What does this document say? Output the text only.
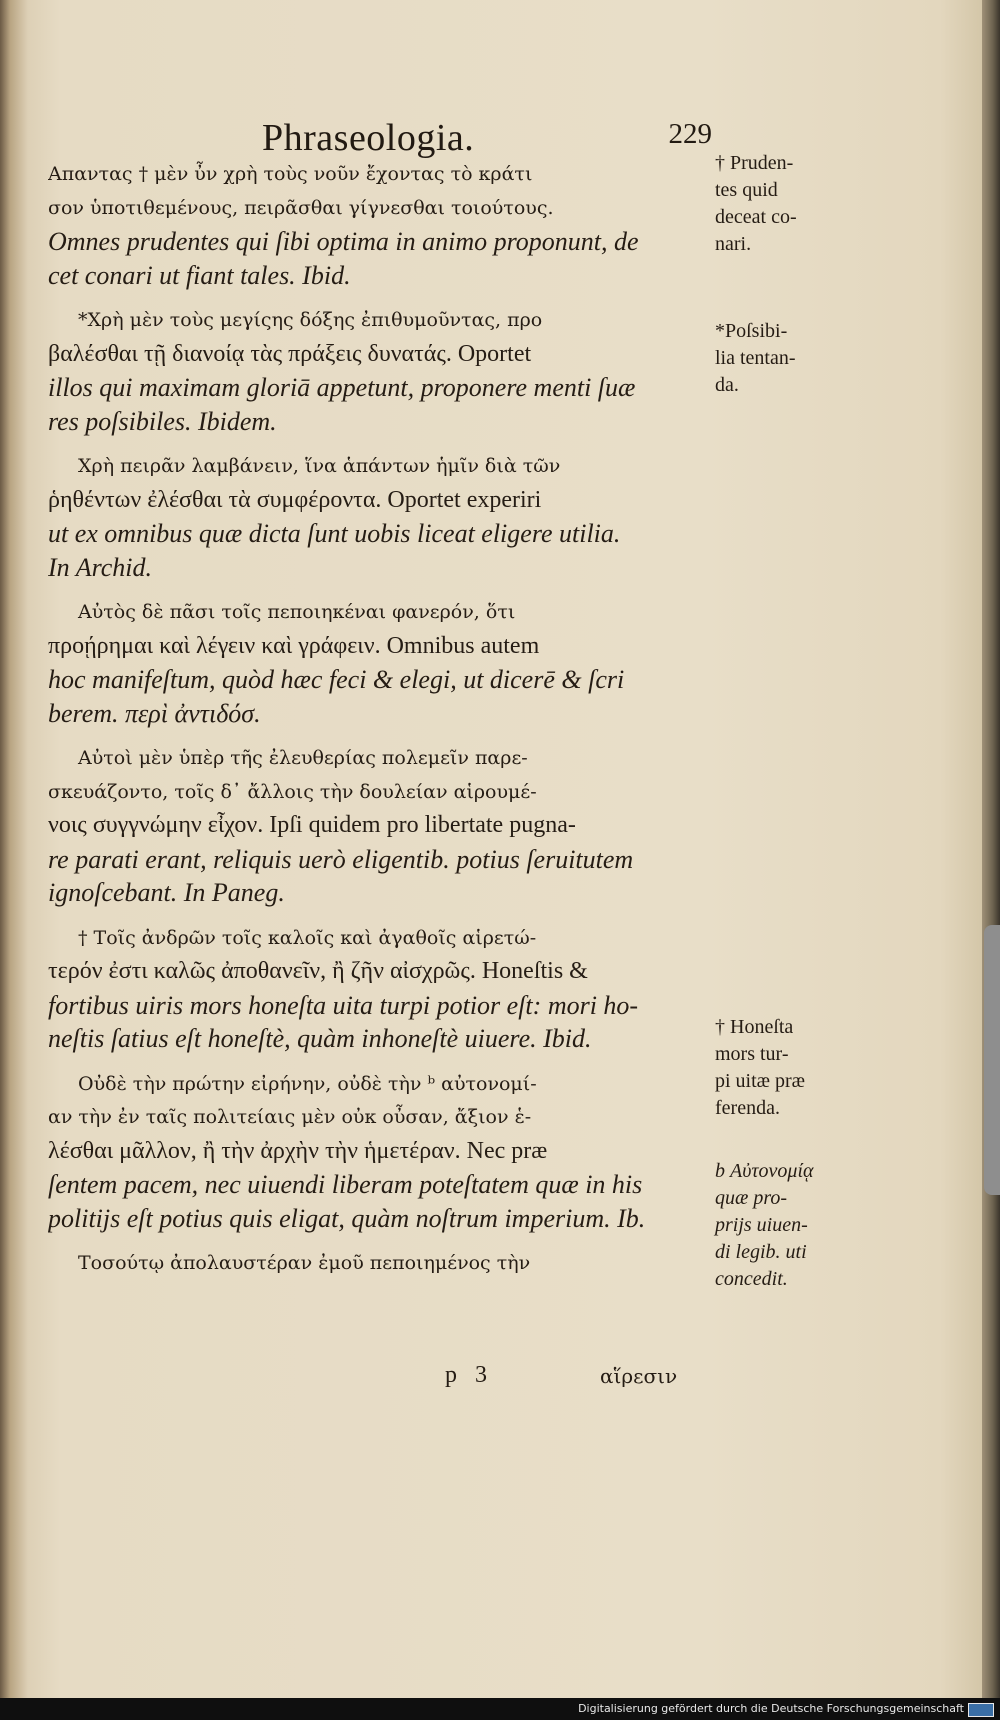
Phraseologia.	229
Απαντας † μὲν ὖν χρὴ τοὺς νοῦν ἔχοντας τὸ κράτι
σον ὑποτιθεμένους, πειρᾶσθαι γίγνεσθαι τοιούτους.
Omnes prudentes qui ſibi optima in animo proponunt, de
cet conari ut fiant tales. Ibid.
*Χρὴ μὲν τοὺς μεγίςης δόξης ἐπιθυμοῦντας, προ
βαλέσθαι τῇ διανοίᾳ τὰς πράξεις δυνατάς. Oportet
illos qui maximam gloriā appetunt, proponere menti ſuæ
res poſsibiles. Ibidem.
Χρὴ πειρᾶν λαμβάνειν, ἵνα ἁπάντων ἡμῖν διὰ τῶν
ῥηθέντων ἐλέσθαι τὰ συμφέροντα. Oportet experiri
ut ex omnibus quæ dicta ſunt uobis liceat eligere utilia.
In Archid.
Αὐτὸς δὲ πᾶσι τοῖς πεποιηκέναι φανερόν, ὅτι
προῄρημαι καὶ λέγειν καὶ γράφειν. Omnibus autem
hoc manifeſtum, quòd hæc feci & elegi, ut dicerē & ſcri
berem. περὶ ἀντιδόσ.
Αὐτοὶ μὲν ὑπὲρ τῆς ἐλευθερίας πολεμεῖν παρε-
σκευάζοντο, τοῖς δ᾽ ἄλλοις τὴν δουλείαν αἱρουμέ-
νοις συγγνώμην εἶχον. Ipſi quidem pro libertate pugna-
re parati erant, reliquis uerò eligentib. potius ſeruitutem
ignoſcebant. In Paneg.
† Τοῖς ἀνδρῶν τοῖς καλοῖς καὶ ἀγαθοῖς αἱρετώ-
τερόν ἐστι καλῶς ἀποθανεῖν, ἢ ζῆν αἰσχρῶς. Honeſtis &
fortibus uiris mors honeſta uita turpi potior eſt: mori ho-
neſtis ſatius eſt honeſtè, quàm inhoneſtè uiuere. Ibid.
Οὐδὲ τὴν πρώτην εἰρήνην, οὐδὲ τὴν ᵇ αὐτονομί-
αν τὴν ἐν ταῖς πολιτείαις μὲν οὐκ οὖσαν, ἄξιον ἑ-
λέσθαι μᾶλλον, ἢ τὴν ἀρχὴν τὴν ἡμετέραν. Nec præ
ſentem pacem, nec uiuendi liberam poteſtatem quæ in his
politijs eſt potius quis eligat, quàm noſtrum imperium. Ib.
Τοσούτῳ ἀπολαυστέραν ἐμοῦ πεποιημένος τὴν
† Pruden-
tes quid
deceat co-
nari.
*Poſsibi-
lia tentan-
da.
† Honeſta
mors tur-
pi uitæ præ
ferenda.
b Αὐτονομίᾳ
quæ pro-
prijs uiuen-
di legib. uti
concedit.
p 3	αἵρεσιν
Digitalisierung gefördert durch die Deutsche Forschungsgemeinschaft
